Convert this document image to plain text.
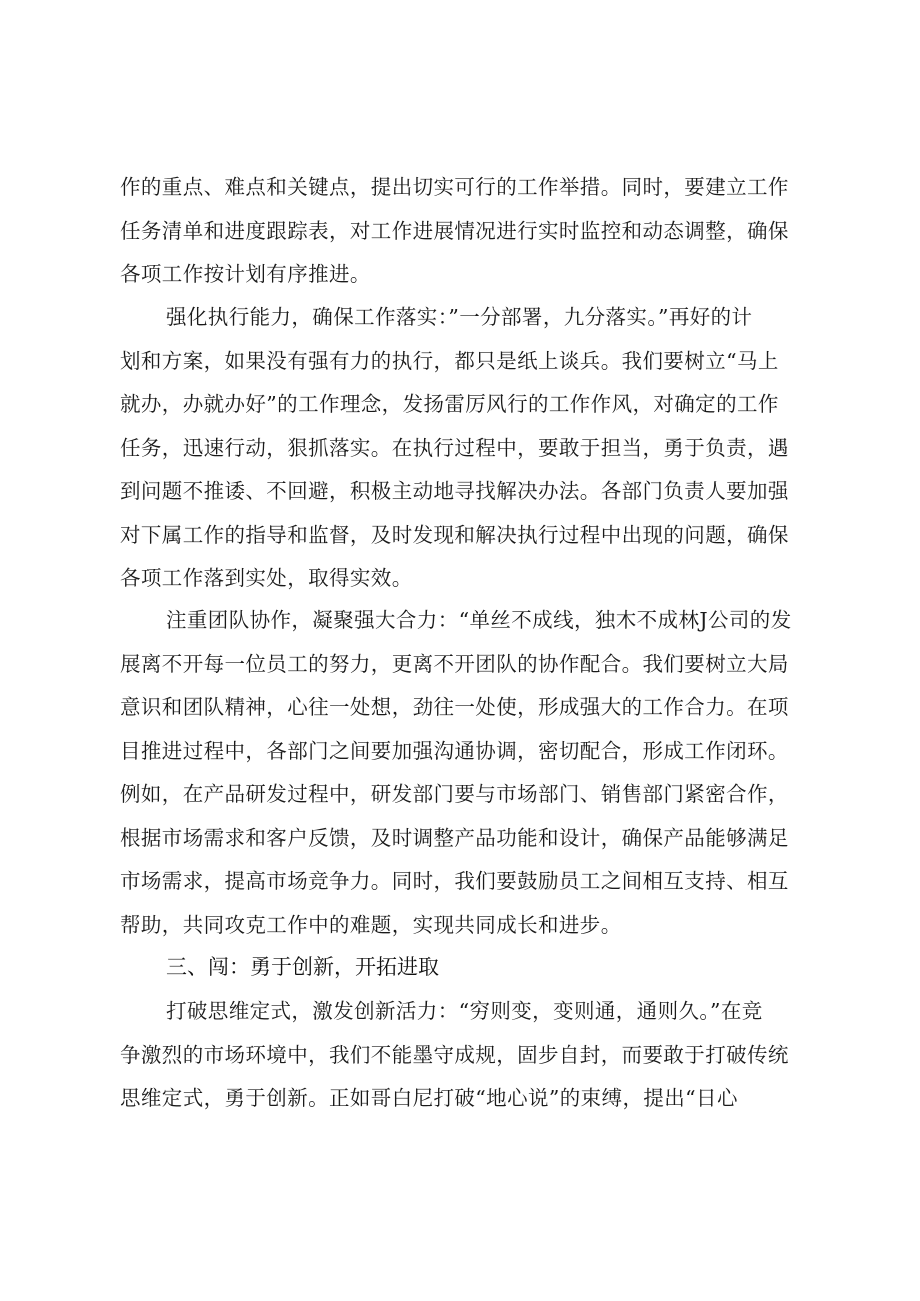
作的重点、难点和关键点，提出切实可行的工作举措。同时，要建立工作
任务清单和进度跟踪表，对工作进展情况进行实时监控和动态调整，确保
各项工作按计划有序推进。
强化执行能力，确保工作落实：”一分部署，九分落实。”再好的计
划和方案，如果没有强有力的执行，都只是纸上谈兵。我们要树立“马上
就办，办就办好”的工作理念，发扬雷厉风行的工作作风，对确定的工作
任务，迅速行动，狠抓落实。在执行过程中，要敢于担当，勇于负责，遇
到问题不推诿、不回避，积极主动地寻找解决办法。各部门负责人要加强
对下属工作的指导和监督，及时发现和解决执行过程中出现的问题，确保
各项工作落到实处，取得实效。
注重团队协作，凝聚强大合力：“单丝不成线，独木不成林J公司的发
展离不开每一位员工的努力，更离不开团队的协作配合。我们要树立大局
意识和团队精神，心往一处想，劲往一处使，形成强大的工作合力。在项
目推进过程中，各部门之间要加强沟通协调，密切配合，形成工作闭环。
例如，在产品研发过程中，研发部门要与市场部门、销售部门紧密合作，
根据市场需求和客户反馈，及时调整产品功能和设计，确保产品能够满足
市场需求，提高市场竞争力。同时，我们要鼓励员工之间相互支持、相互
帮助，共同攻克工作中的难题，实现共同成长和进步。
三、闯：勇于创新，开拓进取
打破思维定式，激发创新活力：“穷则变，变则通，通则久。”在竞
争激烈的市场环境中，我们不能墨守成规，固步自封，而要敢于打破传统
思维定式，勇于创新。正如哥白尼打破“地心说”的束缚，提出“日心
